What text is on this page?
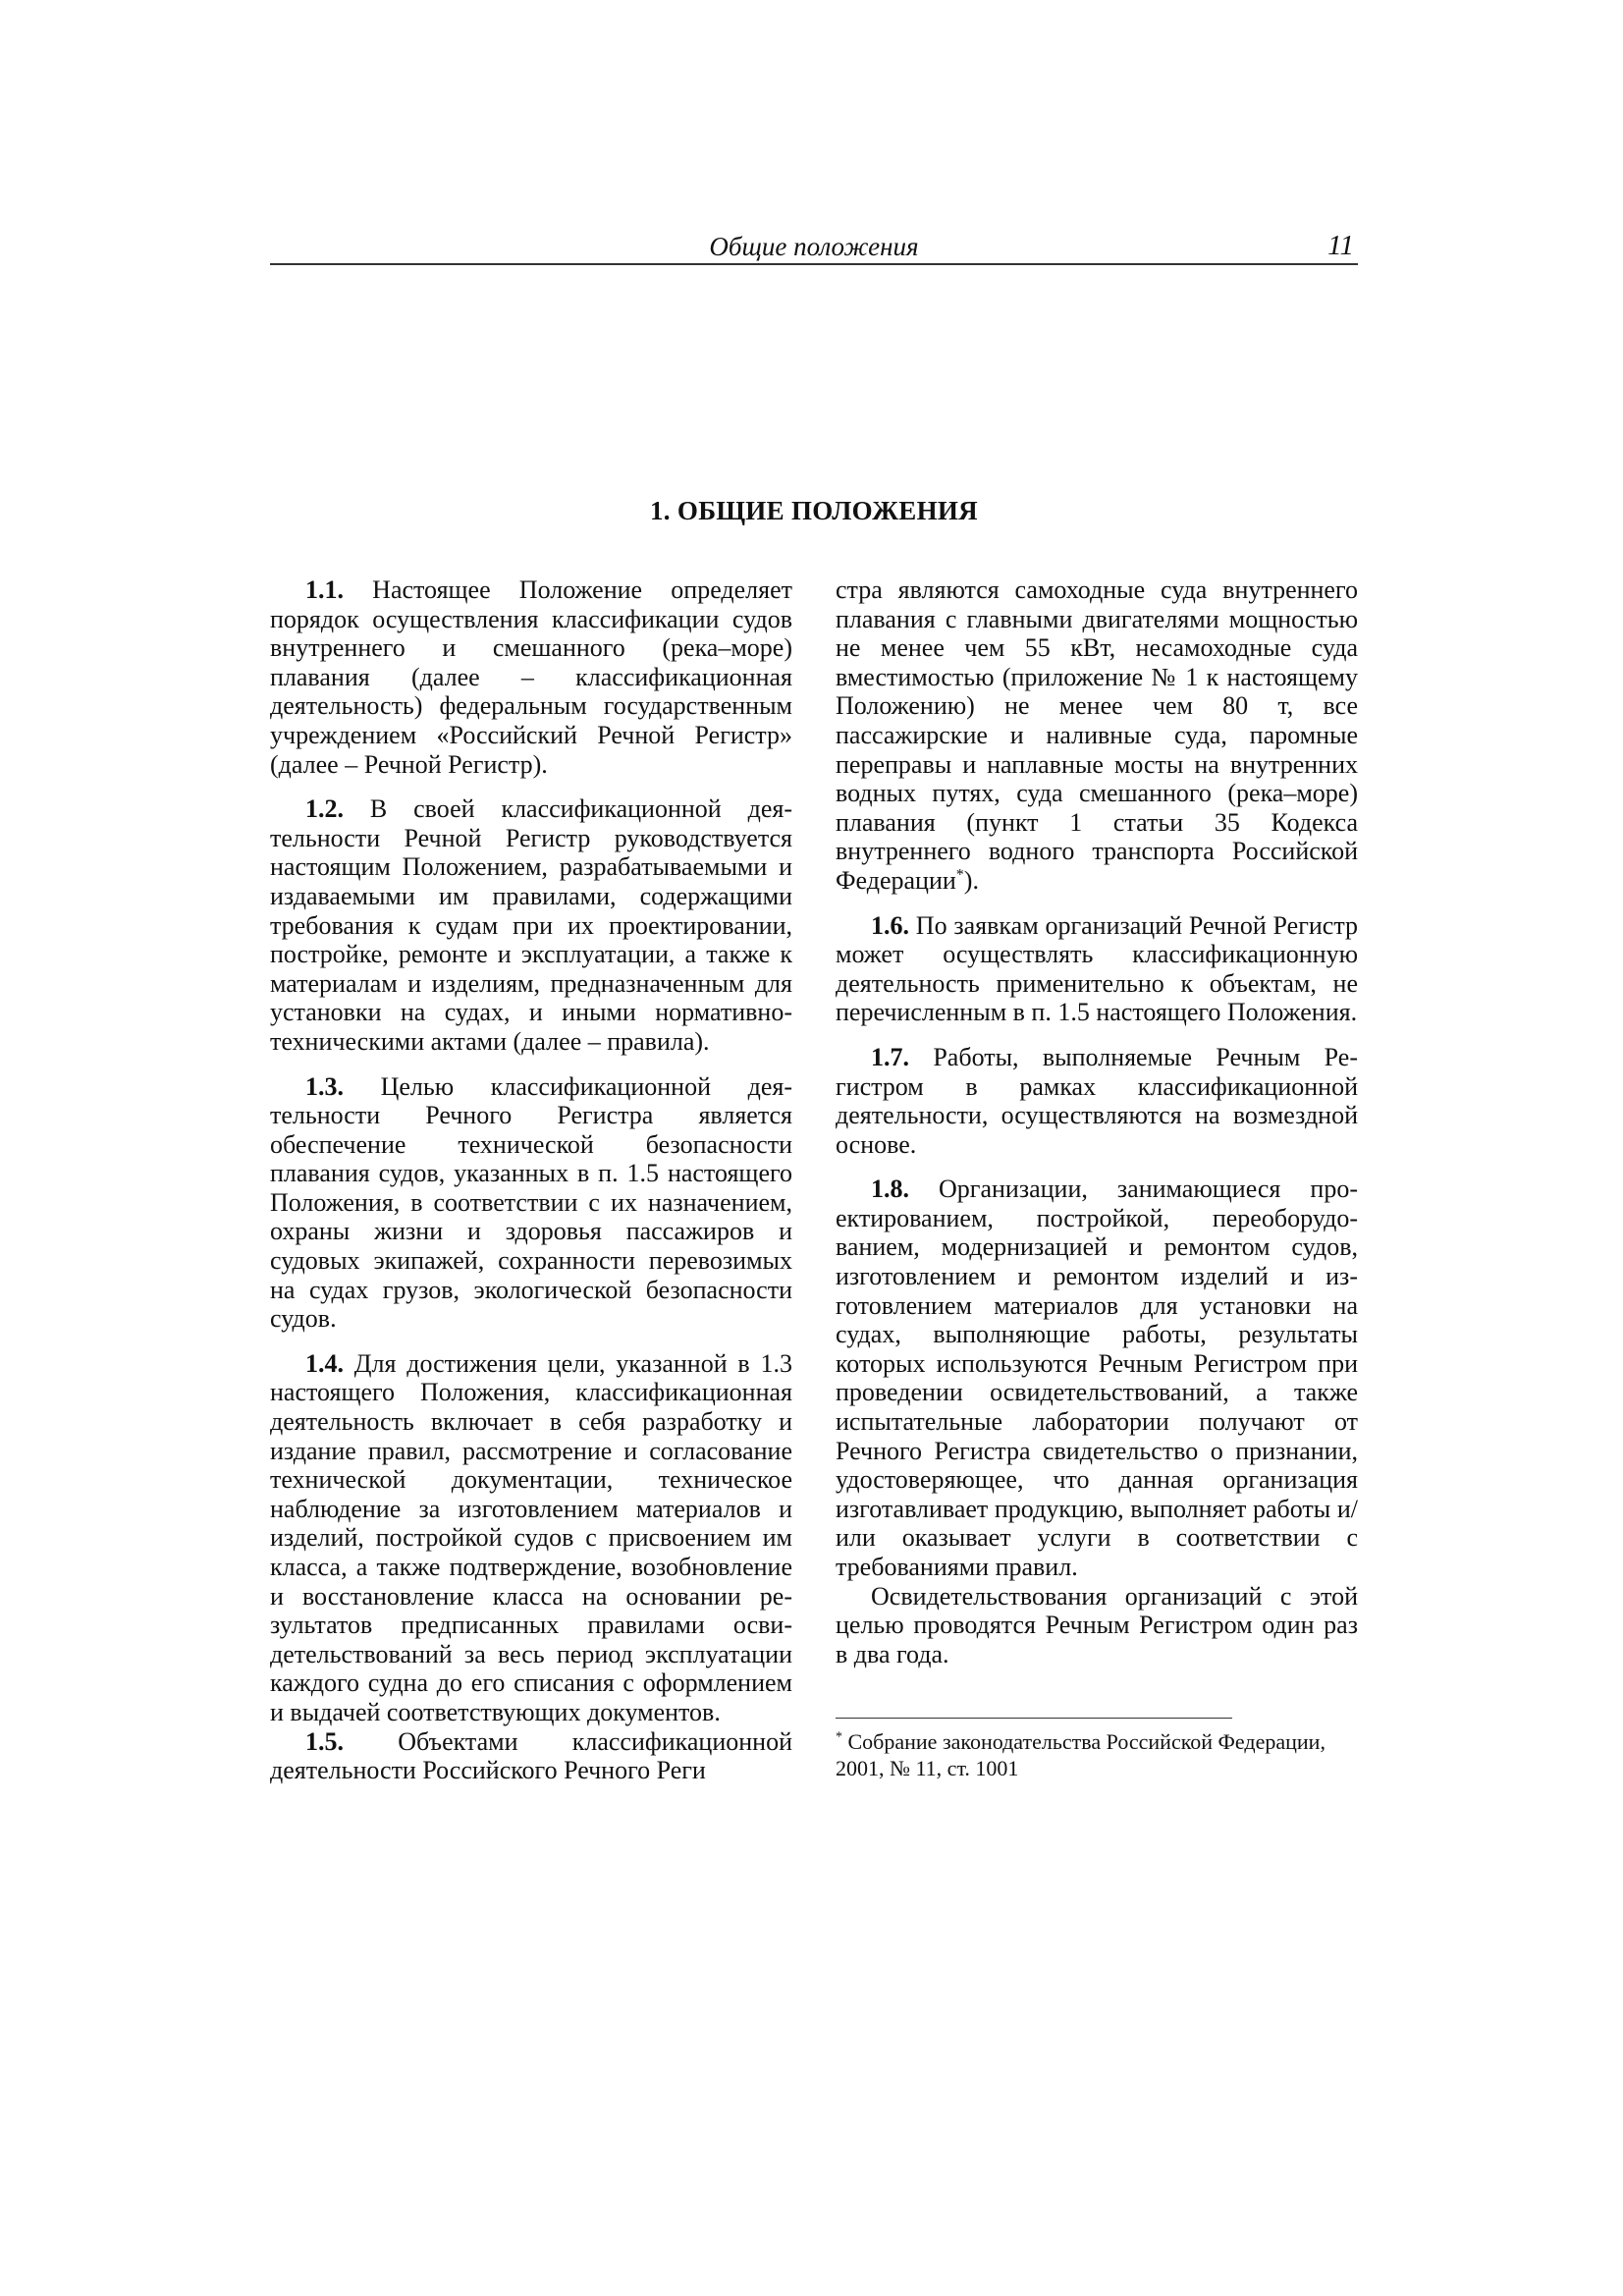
Общие положения	11
1. ОБЩИЕ ПОЛОЖЕНИЯ

1.1. Настоящее Положение определяет порядок осуществления классификации судов внутреннего и смешанного (река–море) плавания (далее – классификационная деятельность) федеральным государственным учреждением «Российский Речной Регистр» (далее – Речной Регистр).

1.2. В своей классификационной деятельности Речной Регистр руководствуется настоящим Положением, разрабатываемыми и издаваемыми им правилами, содержащими требования к судам при их проектировании, постройке, ремонте и эксплуатации, а также к материалам и изделиям, предназначенным для установки на судах, и иными нормативно-техническими актами (далее – правила).

1.3. Целью классификационной деятельности Речного Регистра является обеспечение технической безопасности плавания судов, указанных в п. 1.5 настоящего Положения, в соответствии с их назначением, охраны жизни и здоровья пассажиров и судовых экипажей, сохранности перевозимых на судах грузов, экологической безопасности судов.

1.4. Для достижения цели, указанной в 1.3 настоящего Положения, классификационная деятельность включает в себя разработку и издание правил, рассмотрение и согласование технической документации, техническое наблюдение за изготовлением материалов и изделий, постройкой судов с присвоением им класса, а также подтверждение, возобновление и восстановление класса на основании результатов предписанных правилами освидетельствований за весь период эксплуатации каждого судна до его списания с оформлением и выдачей соответствующих документов.

1.5. Объектами классификационной деятельности Российского Речного Реги

стра являются самоходные суда внутреннего плавания с главными двигателями мощностью не менее чем 55 кВт, несамоходные суда вместимостью (приложение № 1 к настоящему Положению) не менее чем 80 т, все пассажирские и наливные суда, паромные переправы и наплавные мосты на внутренних водных путях, суда смешанного (река–море) плавания (пункт 1 статьи 35 Кодекса внутреннего водного транспорта Российской Федерации*).

1.6. По заявкам организаций Речной Регистр может осуществлять классификационную деятельность применительно к объектам, не перечисленным в п. 1.5 настоящего Положения.

1.7. Работы, выполняемые Речным Регистром в рамках классификационной деятельности, осуществляются на возмездной основе.

1.8. Организации, занимающиеся проектированием, постройкой, переоборудованием, модернизацией и ремонтом судов, изготовлением и ремонтом изделий и изготовлением материалов для установки на судах, выполняющие работы, результаты которых используются Речным Регистром при проведении освидетельствований, а также испытательные лаборатории получают от Речного Регистра свидетельство о признании, удостоверяющее, что данная организация изготавливает продукцию, выполняет работы и/или оказывает услуги в соответствии с требованиями правил.

Освидетельствования организаций с этой целью проводятся Речным Регистром один раз в два года.

* Собрание законодательства Российской Федерации, 2001, № 11, ст. 1001
